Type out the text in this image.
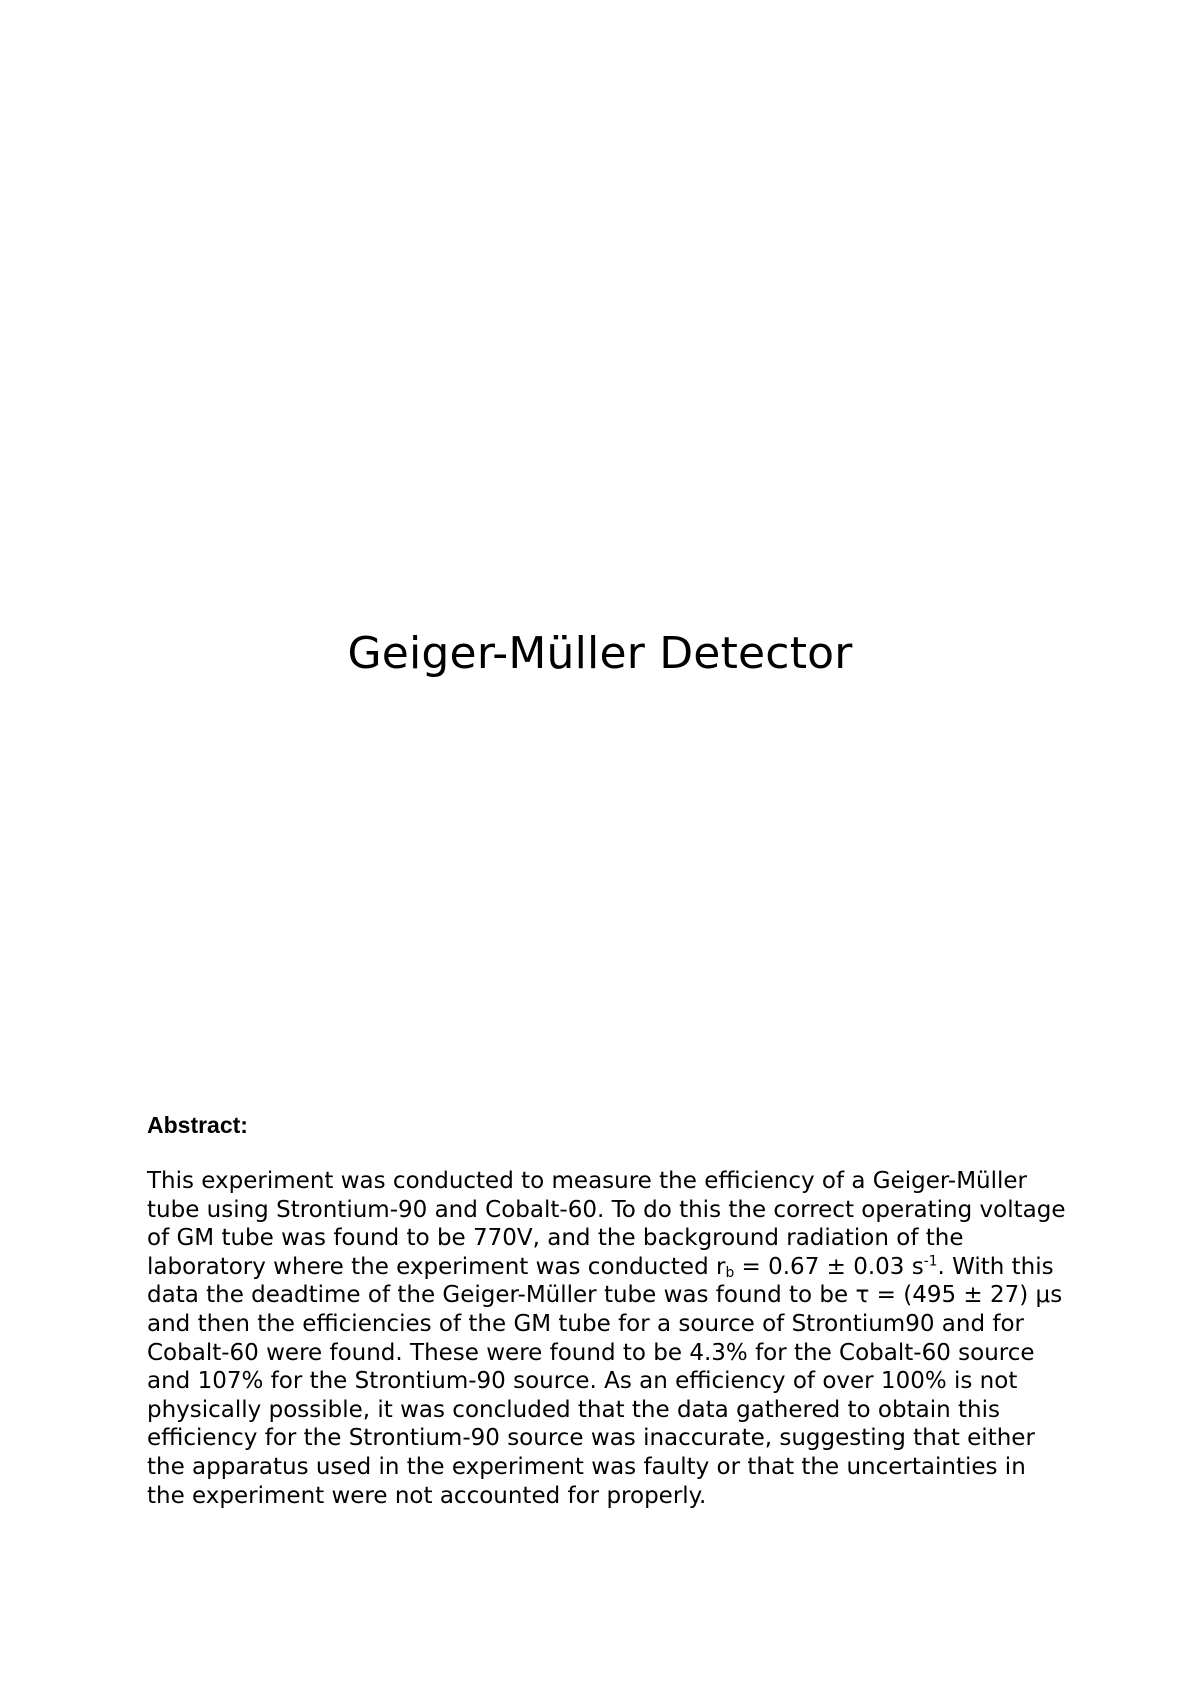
Geiger-Müller Detector

Abstract:

This experiment was conducted to measure the efficiency of a Geiger-Müller tube using Strontium-90 and Cobalt-60. To do this the correct operating voltage of GM tube was found to be 770V, and the background radiation of the laboratory where the experiment was conducted $r_b = 0.67 \pm 0.03$ $s^{-1}$. With this data the deadtime of the Geiger-Müller tube was found to be τ = (495 ± 27) μs and then the efficiencies of the GM tube for a source of Strontium90 and for Cobalt-60 were found. These were found to be 4.3% for the Cobalt-60 source and 107% for the Strontium-90 source. As an efficiency of over 100% is not physically possible, it was concluded that the data gathered to obtain this efficiency for the Strontium-90 source was inaccurate, suggesting that either the apparatus used in the experiment was faulty or that the uncertainties in the experiment were not accounted for properly.
